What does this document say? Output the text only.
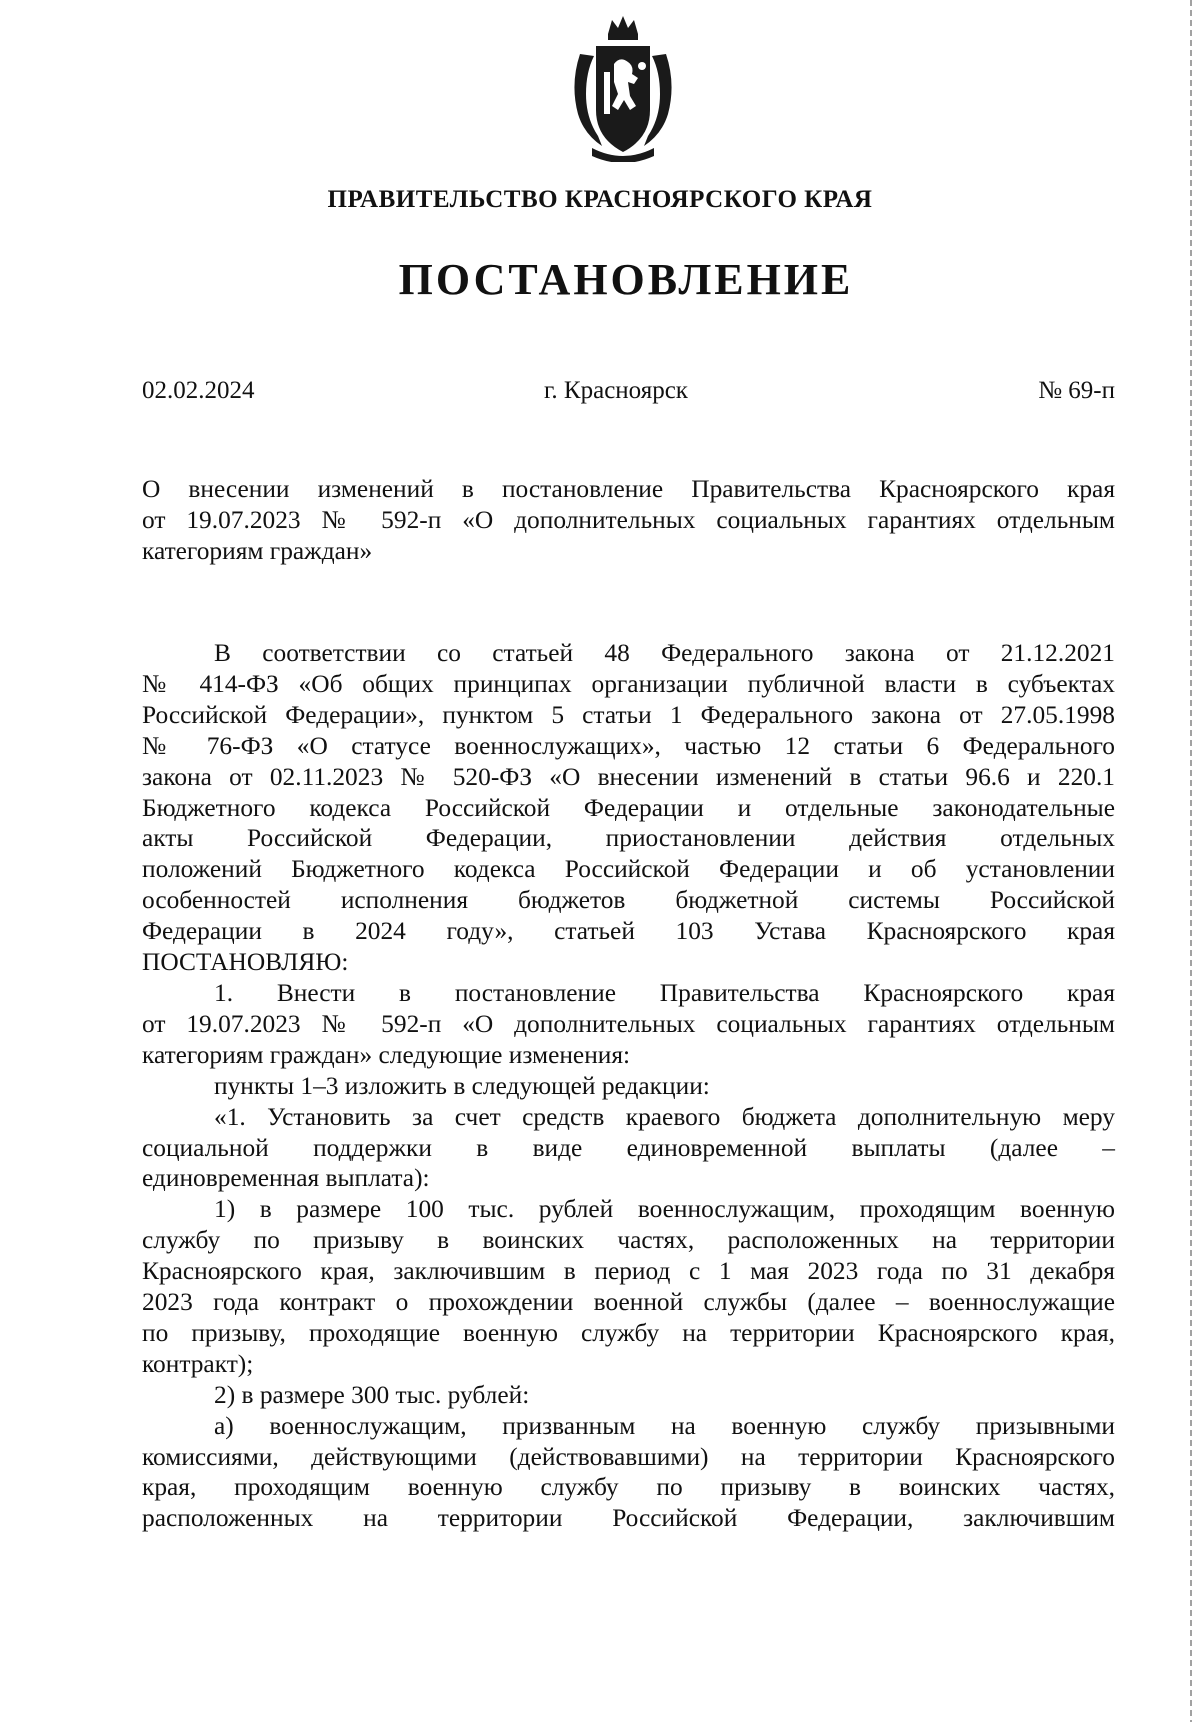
ПРАВИТЕЛЬСТВО КРАСНОЯРСКОГО КРАЯ
ПОСТАНОВЛЕНИЕ
02.02.2024	г. Красноярск	№ 69-п

О внесении изменений в постановление Правительства Красноярского края

от 19.07.2023 № 592-п «О дополнительных социальных гарантиях отдельным

категориям граждан»

В соответствии со статьей 48 Федерального закона от 21.12.2021

№ 414-ФЗ «Об общих принципах организации публичной власти в субъектах

Российской Федерации», пунктом 5 статьи 1 Федерального закона от 27.05.1998

№ 76-ФЗ «О статусе военнослужащих», частью 12 статьи 6 Федерального

закона от 02.11.2023 № 520-ФЗ «О внесении изменений в статьи 96.6 и 220.1

Бюджетного кодекса Российской Федерации и отдельные законодательные

акты Российской Федерации, приостановлении действия отдельных

положений Бюджетного кодекса Российской Федерации и об установлении

особенностей исполнения бюджетов бюджетной системы Российской

Федерации в 2024 году», статьей 103 Устава Красноярского края

ПОСТАНОВЛЯЮ:

1. Внести в постановление Правительства Красноярского края

от 19.07.2023 № 592-п «О дополнительных социальных гарантиях отдельным

категориям граждан» следующие изменения:

пункты 1–3 изложить в следующей редакции:

«1. Установить за счет средств краевого бюджета дополнительную меру

социальной поддержки в виде единовременной выплаты (далее –

единовременная выплата):

1) в размере 100 тыс. рублей военнослужащим, проходящим военную

службу по призыву в воинских частях, расположенных на территории

Красноярского края, заключившим в период с 1 мая 2023 года по 31 декабря

2023 года контракт о прохождении военной службы (далее – военнослужащие

по призыву, проходящие военную службу на территории Красноярского края,

контракт);

2) в размере 300 тыс. рублей:

а) военнослужащим, призванным на военную службу призывными

комиссиями, действующими (действовавшими) на территории Красноярского

края, проходящим военную службу по призыву в воинских частях,

расположенных на территории Российской Федерации, заключившим
